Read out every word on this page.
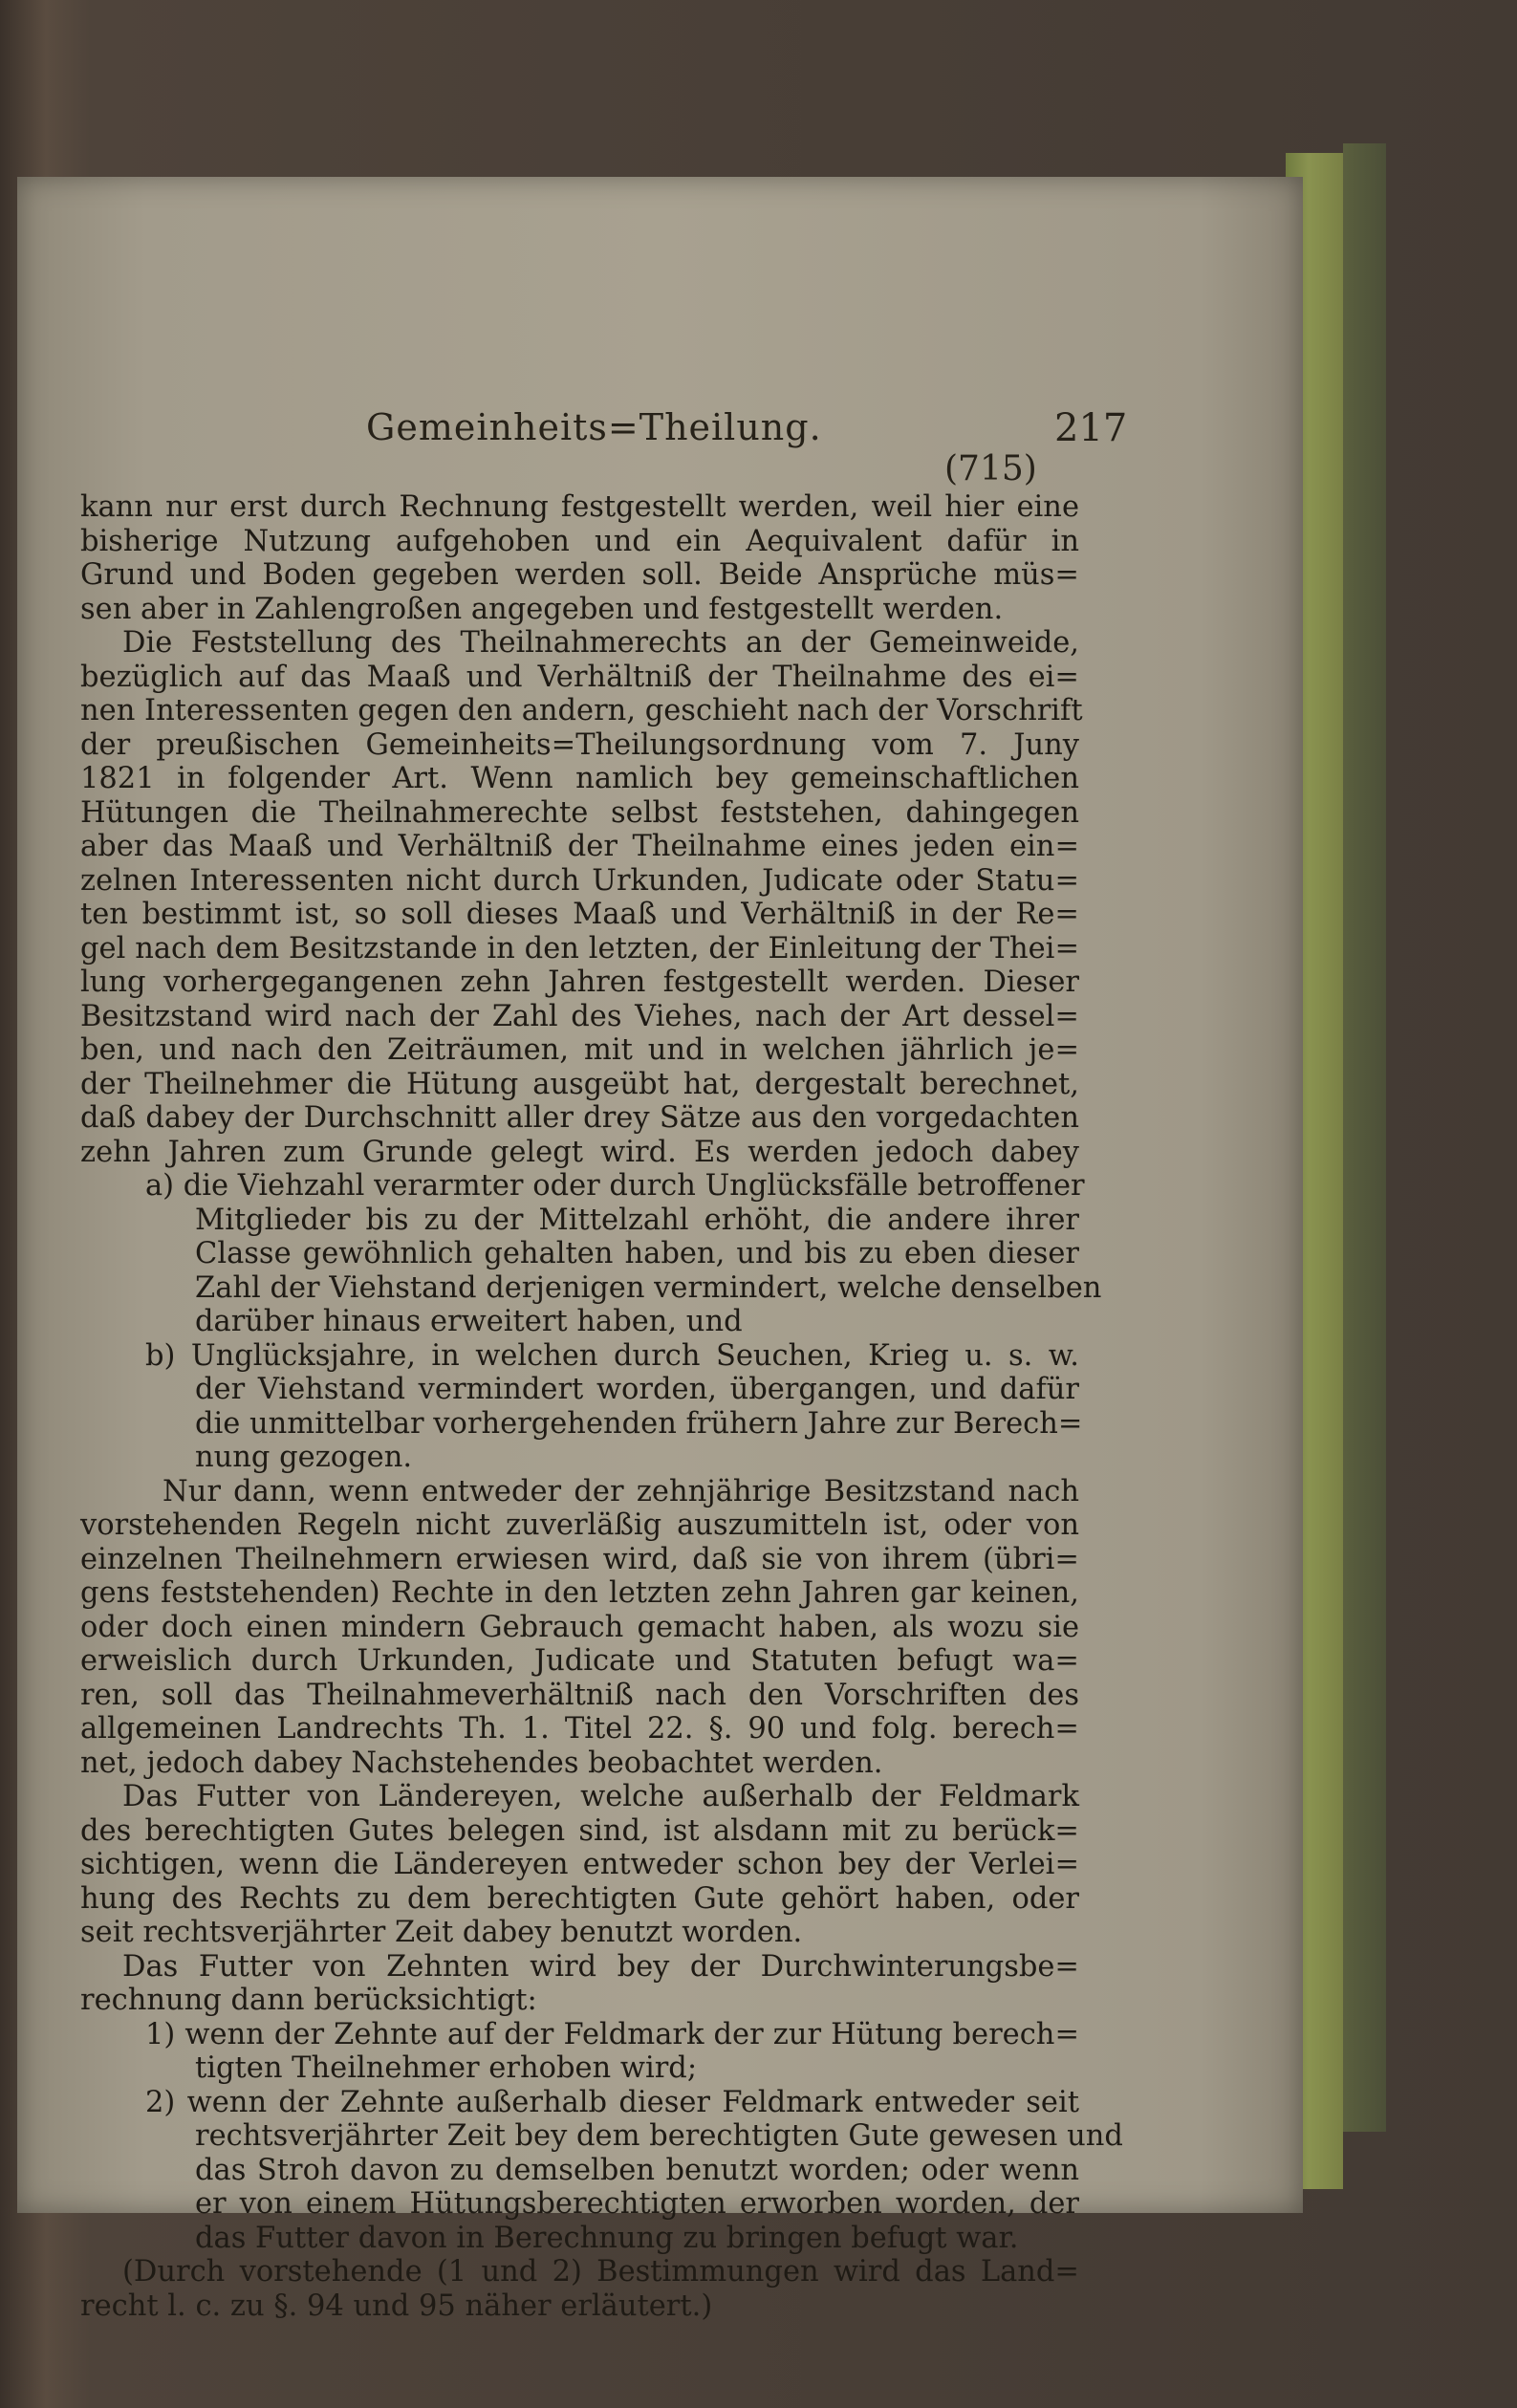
Gemeinheits=Theilung.	217
(715)
kann nur erst durch Rechnung festgestellt werden, weil hier eine
bisherige Nutzung aufgehoben und ein Aequivalent dafür in
Grund und Boden gegeben werden soll. Beide Ansprüche müs=
sen aber in Zahlengroßen angegeben und festgestellt werden.
Die Feststellung des Theilnahmerechts an der Gemeinweide,
bezüglich auf das Maaß und Verhältniß der Theilnahme des ei=
nen Interessenten gegen den andern, geschieht nach der Vorschrift
der preußischen Gemeinheits=Theilungsordnung vom 7. Juny
1821 in folgender Art. Wenn namlich bey gemeinschaftlichen
Hütungen die Theilnahmerechte selbst feststehen, dahingegen
aber das Maaß und Verhältniß der Theilnahme eines jeden ein=
zelnen Interessenten nicht durch Urkunden, Judicate oder Statu=
ten bestimmt ist, so soll dieses Maaß und Verhältniß in der Re=
gel nach dem Besitzstande in den letzten, der Einleitung der Thei=
lung vorhergegangenen zehn Jahren festgestellt werden. Dieser
Besitzstand wird nach der Zahl des Viehes, nach der Art dessel=
ben, und nach den Zeiträumen, mit und in welchen jährlich je=
der Theilnehmer die Hütung ausgeübt hat, dergestalt berechnet,
daß dabey der Durchschnitt aller drey Sätze aus den vorgedachten
zehn Jahren zum Grunde gelegt wird. Es werden jedoch dabey
a) die Viehzahl verarmter oder durch Unglücksfälle betroffener
Mitglieder bis zu der Mittelzahl erhöht, die andere ihrer
Classe gewöhnlich gehalten haben, und bis zu eben dieser
Zahl der Viehstand derjenigen vermindert, welche denselben
darüber hinaus erweitert haben, und
b) Unglücksjahre, in welchen durch Seuchen, Krieg u. s. w.
der Viehstand vermindert worden, übergangen, und dafür
die unmittelbar vorhergehenden frühern Jahre zur Berech=
nung gezogen.
Nur dann, wenn entweder der zehnjährige Besitzstand nach
vorstehenden Regeln nicht zuverläßig auszumitteln ist, oder von
einzelnen Theilnehmern erwiesen wird, daß sie von ihrem (übri=
gens feststehenden) Rechte in den letzten zehn Jahren gar keinen,
oder doch einen mindern Gebrauch gemacht haben, als wozu sie
erweislich durch Urkunden, Judicate und Statuten befugt wa=
ren, soll das Theilnahmeverhältniß nach den Vorschriften des
allgemeinen Landrechts Th. 1. Titel 22. §. 90 und folg. berech=
net, jedoch dabey Nachstehendes beobachtet werden.
Das Futter von Ländereyen, welche außerhalb der Feldmark
des berechtigten Gutes belegen sind, ist alsdann mit zu berück=
sichtigen, wenn die Ländereyen entweder schon bey der Verlei=
hung des Rechts zu dem berechtigten Gute gehört haben, oder
seit rechtsverjährter Zeit dabey benutzt worden.
Das Futter von Zehnten wird bey der Durchwinterungsbe=
rechnung dann berücksichtigt:
1) wenn der Zehnte auf der Feldmark der zur Hütung berech=
tigten Theilnehmer erhoben wird;
2) wenn der Zehnte außerhalb dieser Feldmark entweder seit
rechtsverjährter Zeit bey dem berechtigten Gute gewesen und
das Stroh davon zu demselben benutzt worden; oder wenn
er von einem Hütungsberechtigten erworben worden, der
das Futter davon in Berechnung zu bringen befugt war.
(Durch vorstehende (1 und 2) Bestimmungen wird das Land=
recht l. c. zu §. 94 und 95 näher erläutert.)
